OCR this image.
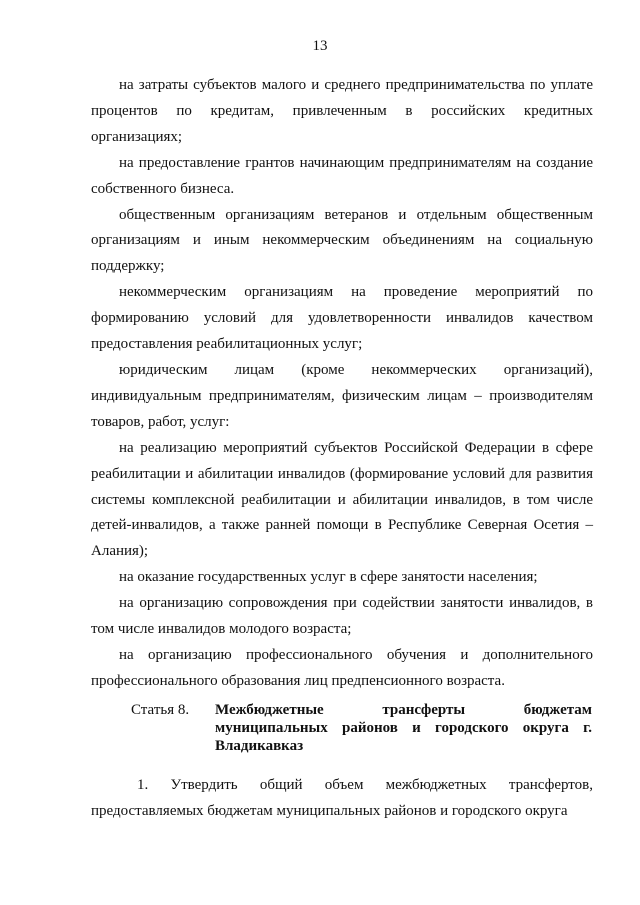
13

на затраты субъектов малого и среднего предпринимательства по уплате процентов по кредитам, привлеченным в российских кредитных организациях;

на предоставление грантов начинающим предпринимателям на создание собственного бизнеса.

общественным организациям ветеранов и отдельным общественным организациям и иным некоммерческим объединениям на социальную поддержку;

некоммерческим организациям на проведение мероприятий по формированию условий для удовлетворенности инвалидов качеством предоставления реабилитационных услуг;

юридическим лицам (кроме некоммерческих организаций), индивидуальным предпринимателям, физическим лицам – производителям товаров, работ, услуг:

на реализацию мероприятий субъектов Российской Федерации в сфере реабилитации и абилитации инвалидов (формирование условий для развития системы комплексной реабилитации и абилитации инвалидов, в том числе детей-инвалидов, а также ранней помощи в Республике Северная Осетия – Алания);

на оказание государственных услуг в сфере занятости населения;

на организацию сопровождения при содействии занятости инвалидов, в том числе инвалидов молодого возраста;

на организацию профессионального обучения и дополнительного профессионального образования лиц предпенсионного возраста.

Статья 8. Межбюджетные трансферты бюджетам муниципальных районов и городского округа г. Владикавказ

1. Утвердить общий объем межбюджетных трансфертов, предоставляемых бюджетам муниципальных районов и городского округа
